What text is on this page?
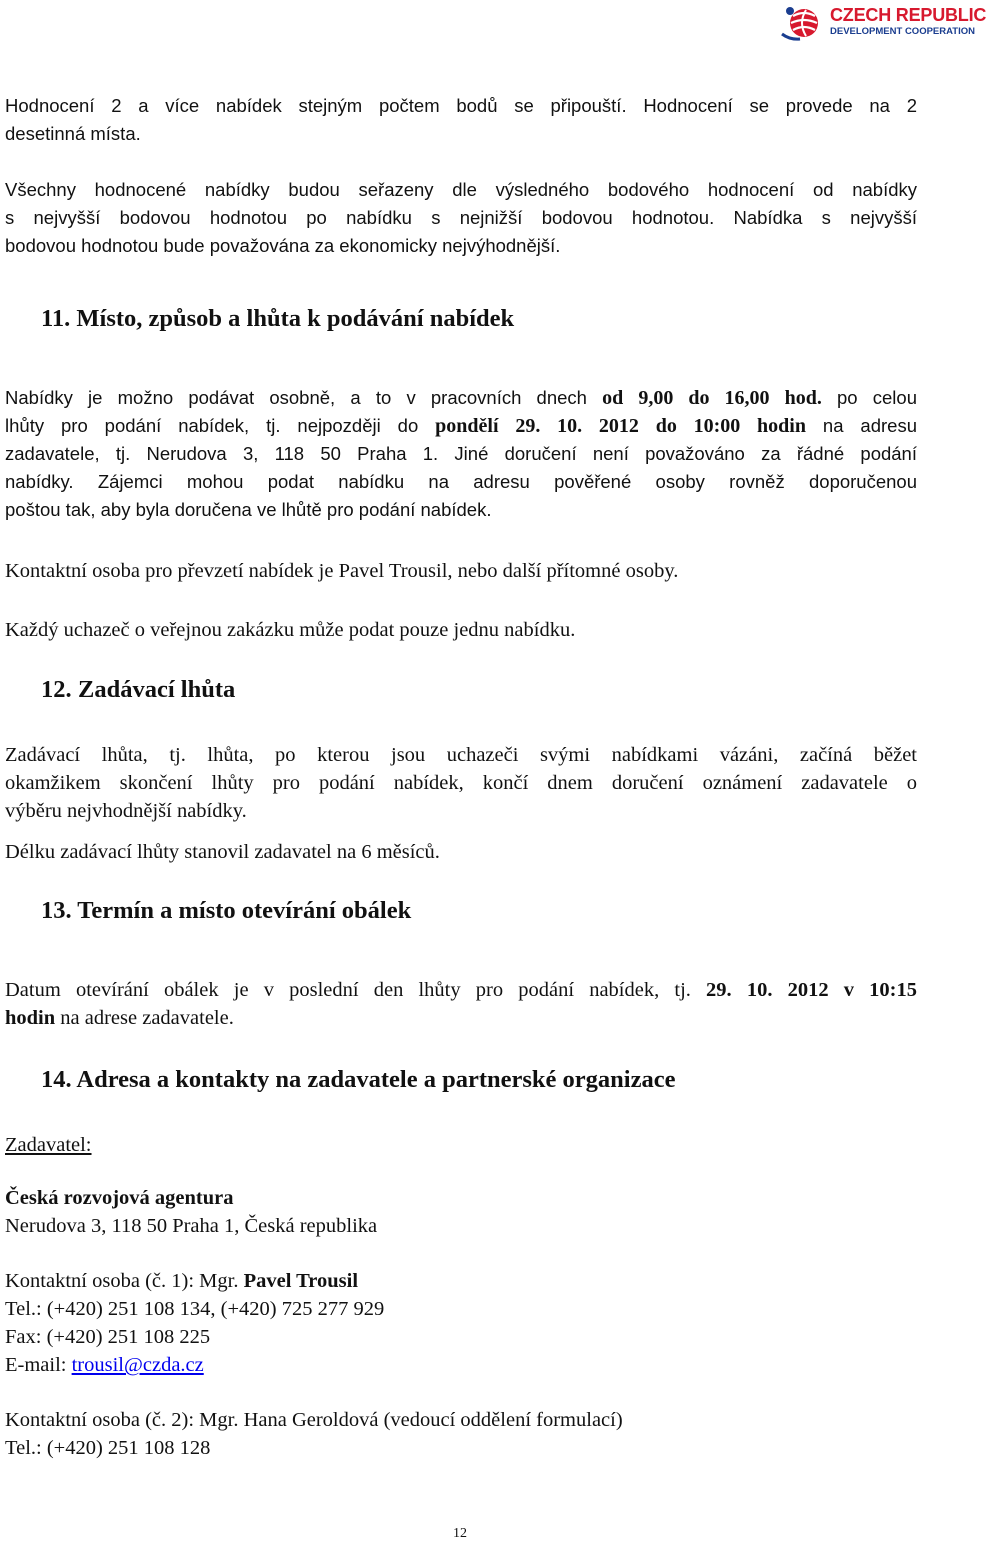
CZECH REPUBLIC
DEVELOPMENT COOPERATION
Hodnocení 2 a více nabídek stejným počtem bodů se připouští. Hodnocení se provede na 2
desetinná místa.
Všechny hodnocené nabídky budou seřazeny dle výsledného bodového hodnocení od nabídky
s nejvyšší bodovou hodnotou po nabídku s nejnižší bodovou hodnotou. Nabídka s nejvyšší
bodovou hodnotou bude považována za ekonomicky nejvýhodnější.
11. Místo, způsob a lhůta k podávání nabídek
Nabídky je možno podávat osobně, a to v pracovních dnech od 9,00 do 16,00 hod. po celou
lhůty pro podání nabídek, tj. nejpozději do pondělí 29. 10. 2012 do 10:00 hodin na adresu
zadavatele, tj. Nerudova 3, 118 50 Praha 1. Jiné doručení není považováno za řádné podání
nabídky. Zájemci mohou podat nabídku na adresu pověřené osoby rovněž doporučenou
poštou tak, aby byla doručena ve lhůtě pro podání nabídek.
Kontaktní osoba pro převzetí nabídek je Pavel Trousil, nebo další přítomné osoby.
Každý uchazeč o veřejnou zakázku může podat pouze jednu nabídku.
12. Zadávací lhůta
Zadávací lhůta, tj. lhůta, po kterou jsou uchazeči svými nabídkami vázáni, začíná běžet
okamžikem skončení lhůty pro podání nabídek, končí dnem doručení oznámení zadavatele o
výběru nejvhodnější nabídky.
Délku zadávací lhůty stanovil zadavatel na 6 měsíců.
13. Termín a místo otevírání obálek
Datum otevírání obálek je v poslední den lhůty pro podání nabídek, tj. 29. 10. 2012 v 10:15
hodin na adrese zadavatele.
14. Adresa a kontakty na zadavatele a partnerské organizace
Zadavatel:
Česká rozvojová agentura
Nerudova 3, 118 50 Praha 1, Česká republika
Kontaktní osoba (č. 1): Mgr. Pavel Trousil
Tel.: (+420) 251 108 134, (+420) 725 277 929
Fax: (+420) 251 108 225
E-mail: trousil@czda.cz
Kontaktní osoba (č. 2): Mgr. Hana Geroldová (vedoucí oddělení formulací)
Tel.: (+420) 251 108 128
12
